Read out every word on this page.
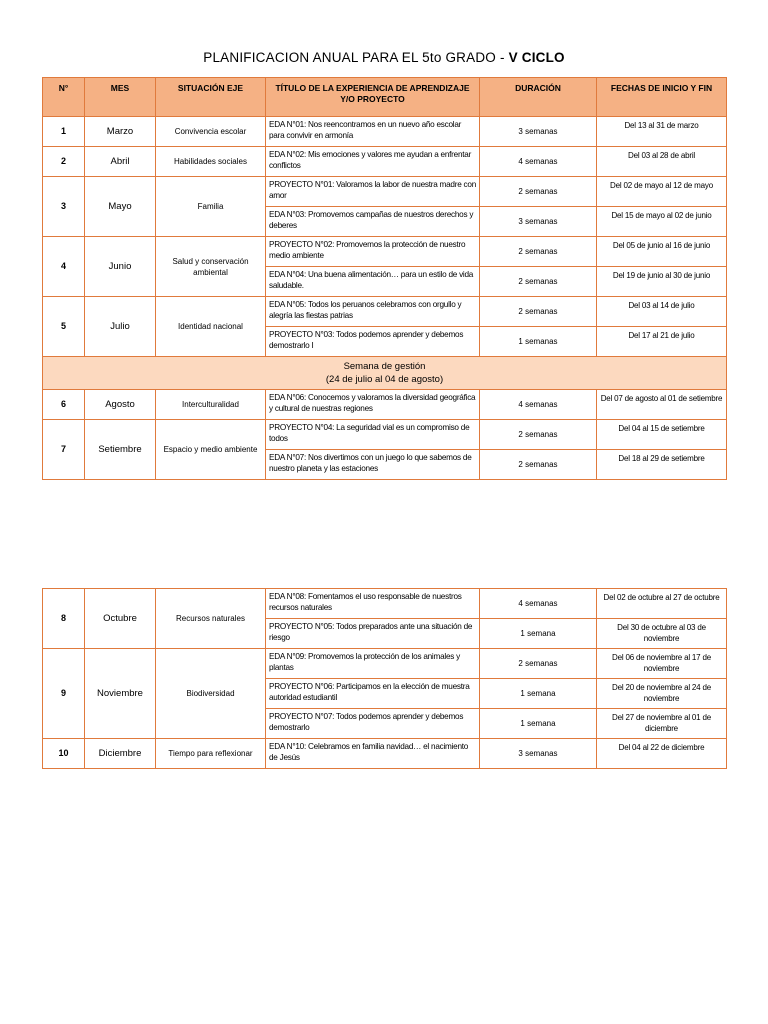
PLANIFICACION ANUAL PARA EL 5to GRADO - V CICLO
N°	MES	SITUACIÓN EJE	TÍTULO DE LA EXPERIENCIA DE APRENDIZAJE Y/O PROYECTO	DURACIÓN	FECHAS DE INICIO Y FIN
1	Marzo	Convivencia escolar	EDA N°01: Nos reencontramos en un nuevo año escolar para convivir en armonía	3 semanas	Del 13 al 31 de marzo
2	Abril	Habilidades sociales	EDA N°02: Mis emociones y valores me ayudan a enfrentar conflictos	4 semanas	Del 03 al 28 de abril
3	Mayo	Familia	PROYECTO N°01: Valoramos la labor de nuestra madre con amor	2 semanas	Del 02 de mayo al 12 de mayo
			EDA N°03: Promovemos campañas de nuestros derechos y deberes	3 semanas	Del 15 de mayo al 02 de junio
4	Junio	Salud y conservación ambiental	PROYECTO N°02: Promovemos la protección de nuestro medio ambiente	2 semanas	Del 05 de junio al 16 de junio
			EDA N°04: Una buena alimentación… para un estilo de vida saludable.	2 semanas	Del 19 de junio al 30 de junio
5	Julio	Identidad nacional	EDA N°05: Todos los peruanos celebramos con orgullo y alegría las fiestas patrias	2 semanas	Del 03 al 14 de julio
			PROYECTO N°03: Todos podemos aprender y debemos demostrarlo I	1 semanas	Del 17 al 21 de julio

Semana de gestión
(24 de julio al 04 de agosto)					

6	Agosto	Interculturalidad	EDA N°06: Conocemos y valoramos la diversidad geográfica y cultural de nuestras regiones	4 semanas	Del 07 de agosto al 01 de setiembre
7	Setiembre	Espacio y medio ambiente	PROYECTO N°04: La seguridad vial es un compromiso de todos	2 semanas	Del 04 al 15 de setiembre
			EDA N°07: Nos divertimos con un juego lo que sabemos de nuestro planeta y las estaciones	2 semanas	Del 18 al 29 de setiembre
8	Octubre	Recursos naturales	EDA N°08: Fomentamos el uso responsable de nuestros recursos naturales	4 semanas	Del 02 de octubre al 27 de octubre
			PROYECTO N°05: Todos preparados ante una situación de riesgo	1 semana	Del 30 de octubre al 03 de noviembre
9	Noviembre	Biodiversidad	EDA N°09: Promovemos la protección de los animales y plantas	2 semanas	Del 06 de noviembre al 17 de noviembre
			PROYECTO N°06: Participamos en la elección de muestra autoridad estudiantil	1 semana	Del 20 de noviembre al 24 de noviembre
			PROYECTO N°07: Todos podemos aprender y debemos demostrarlo	1 semana	Del 27 de noviembre al 01 de diciembre
10	Diciembre	Tiempo para reflexionar	EDA N°10: Celebramos en familia navidad… el nacimiento de Jesús	3 semanas	Del 04 al 22 de diciembre
